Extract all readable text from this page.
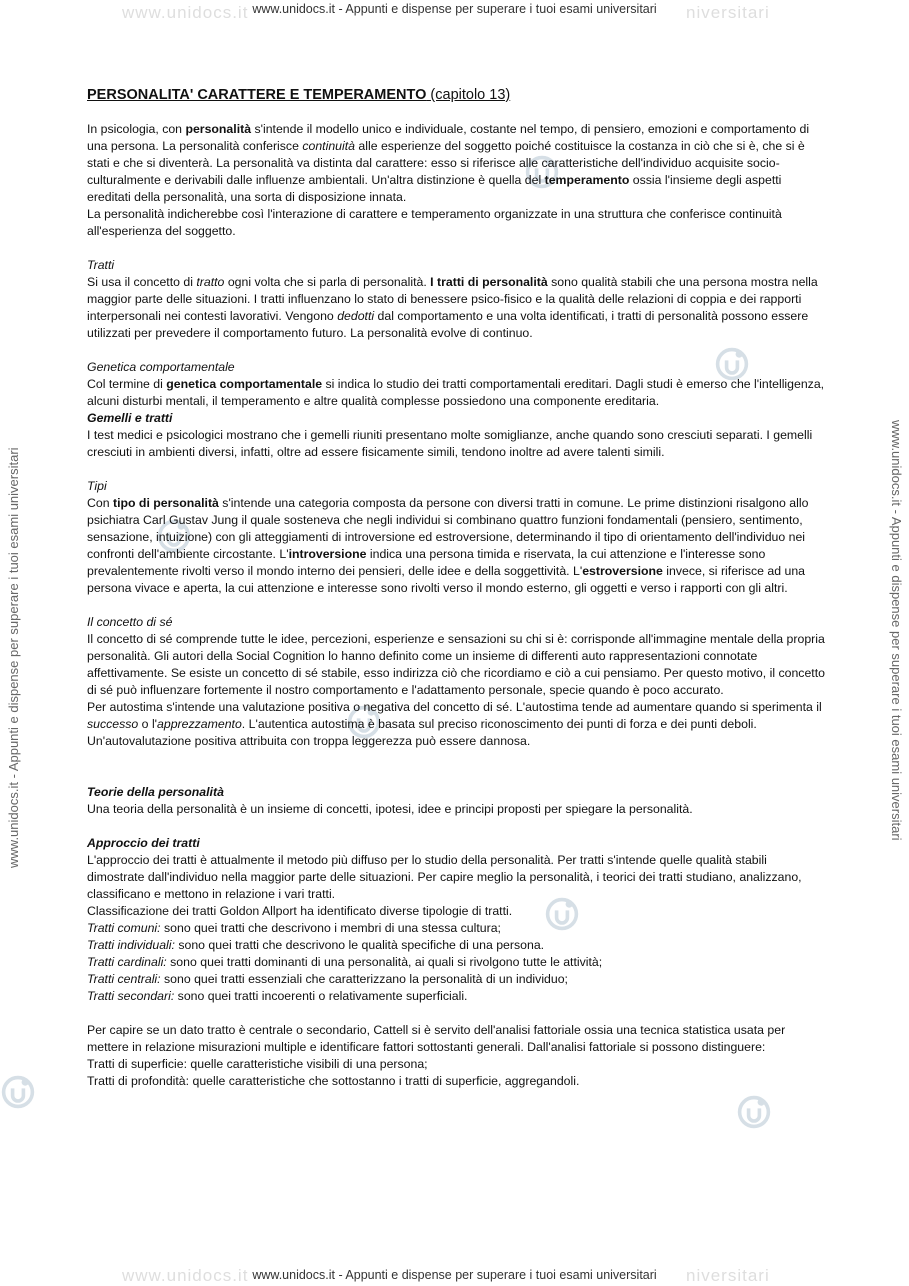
www.unidocs.it	niversitari
www.unidocs.it - Appunti e dispense per superare i tuoi esami universitari
www.unidocs.it	niversitari
www.unidocs.it - Appunti e dispense per superare i tuoi esami universitari
www.unidocs.it - Appunti e dispense per superare i tuoi esami universitari	www.unidocs.it - Appunti e dispense per superare i tuoi esami universitari
PERSONALITA' CARATTERE E TEMPERAMENTO (capitolo 13)

In psicologia, con personalità s'intende il modello unico e individuale, costante nel tempo, di pensiero, emozioni e comportamento di una persona. La personalità conferisce continuità alle esperienze del soggetto poiché costituisce la costanza in ciò che si è, che si è stati e che si diventerà. La personalità va distinta dal carattere: esso si riferisce alle caratteristiche dell'individuo acquisite socio-culturalmente e derivabili dalle influenze ambientali. Un'altra distinzione è quella del temperamento ossia l'insieme degli aspetti ereditati della personalità, una sorta di disposizione innata.

La personalità indicherebbe così l'interazione di carattere e temperamento organizzate in una struttura che conferisce continuità all'esperienza del soggetto.

Tratti

Si usa il concetto di tratto ogni volta che si parla di personalità. I tratti di personalità sono qualità stabili che una persona mostra nella maggior parte delle situazioni. I tratti influenzano lo stato di benessere psico-fisico e la qualità delle relazioni di coppia e dei rapporti interpersonali nei contesti lavorativi. Vengono dedotti dal comportamento e una volta identificati, i tratti di personalità possono essere utilizzati per prevedere il comportamento futuro. La personalità evolve di continuo.

Genetica comportamentale

Col termine di genetica comportamentale si indica lo studio dei tratti comportamentali ereditari. Dagli studi è emerso che l'intelligenza, alcuni disturbi mentali, il temperamento e altre qualità complesse possiedono una componente ereditaria.

Gemelli e tratti

I test medici e psicologici mostrano che i gemelli riuniti presentano molte somiglianze, anche quando sono cresciuti separati. I gemelli cresciuti in ambienti diversi, infatti, oltre ad essere fisicamente simili, tendono inoltre ad avere talenti simili.

Tipi

Con tipo di personalità s'intende una categoria composta da persone con diversi tratti in comune. Le prime distinzioni risalgono allo psichiatra Carl Gustav Jung il quale sosteneva che negli individui si combinano quattro funzioni fondamentali (pensiero, sentimento, sensazione, intuizione) con gli atteggiamenti di introversione ed estroversione, determinando il tipo di orientamento dell'individuo nei confronti dell'ambiente circostante. L'introversione indica una persona timida e riservata, la cui attenzione e l'interesse sono prevalentemente rivolti verso il mondo interno dei pensieri, delle idee e della soggettività. L'estroversione invece, si riferisce ad una persona vivace e aperta, la cui attenzione e interesse sono rivolti verso il mondo esterno, gli oggetti e verso i rapporti con gli altri.

Il concetto di sé

Il concetto di sé comprende tutte le idee, percezioni, esperienze e sensazioni su chi si è: corrisponde all'immagine mentale della propria personalità. Gli autori della Social Cognition lo hanno definito come un insieme di differenti auto rappresentazioni connotate affettivamente. Se esiste un concetto di sé stabile, esso indirizza ciò che ricordiamo e ciò a cui pensiamo. Per questo motivo, il concetto di sé può influenzare fortemente il nostro comportamento e l'adattamento personale, specie quando è poco accurato.

Per autostima s'intende una valutazione positiva o negativa del concetto di sé. L'autostima tende ad aumentare quando si sperimenta il successo o l'apprezzamento. L'autentica autostima è basata sul preciso riconoscimento dei punti di forza e dei punti deboli. Un'autovalutazione positiva attribuita con troppa leggerezza può essere dannosa.

Teorie della personalità

Una teoria della personalità è un insieme di concetti, ipotesi, idee e principi proposti per spiegare la personalità.

Approccio dei tratti

L'approccio dei tratti è attualmente il metodo più diffuso per lo studio della personalità. Per tratti s'intende quelle qualità stabili dimostrate dall'individuo nella maggior parte delle situazioni. Per capire meglio la personalità, i teorici dei tratti studiano, analizzano, classificano e mettono in relazione i vari tratti.

Classificazione dei tratti Goldon Allport ha identificato diverse tipologie di tratti.

Tratti comuni: sono quei tratti che descrivono i membri di una stessa cultura;

Tratti individuali: sono quei tratti che descrivono le qualità specifiche di una persona.

Tratti cardinali: sono quei tratti dominanti di una personalità, ai quali si rivolgono tutte le attività;

Tratti centrali: sono quei tratti essenziali che caratterizzano la personalità di un individuo;

Tratti secondari: sono quei tratti incoerenti o relativamente superficiali.

Per capire se un dato tratto è centrale o secondario, Cattell si è servito dell'analisi fattoriale ossia una tecnica statistica usata per mettere in relazione misurazioni multiple e identificare fattori sottostanti generali. Dall'analisi fattoriale si possono distinguere:

Tratti di superficie: quelle caratteristiche visibili di una persona;

Tratti di profondità: quelle caratteristiche che sottostanno i tratti di superficie, aggregandoli.
